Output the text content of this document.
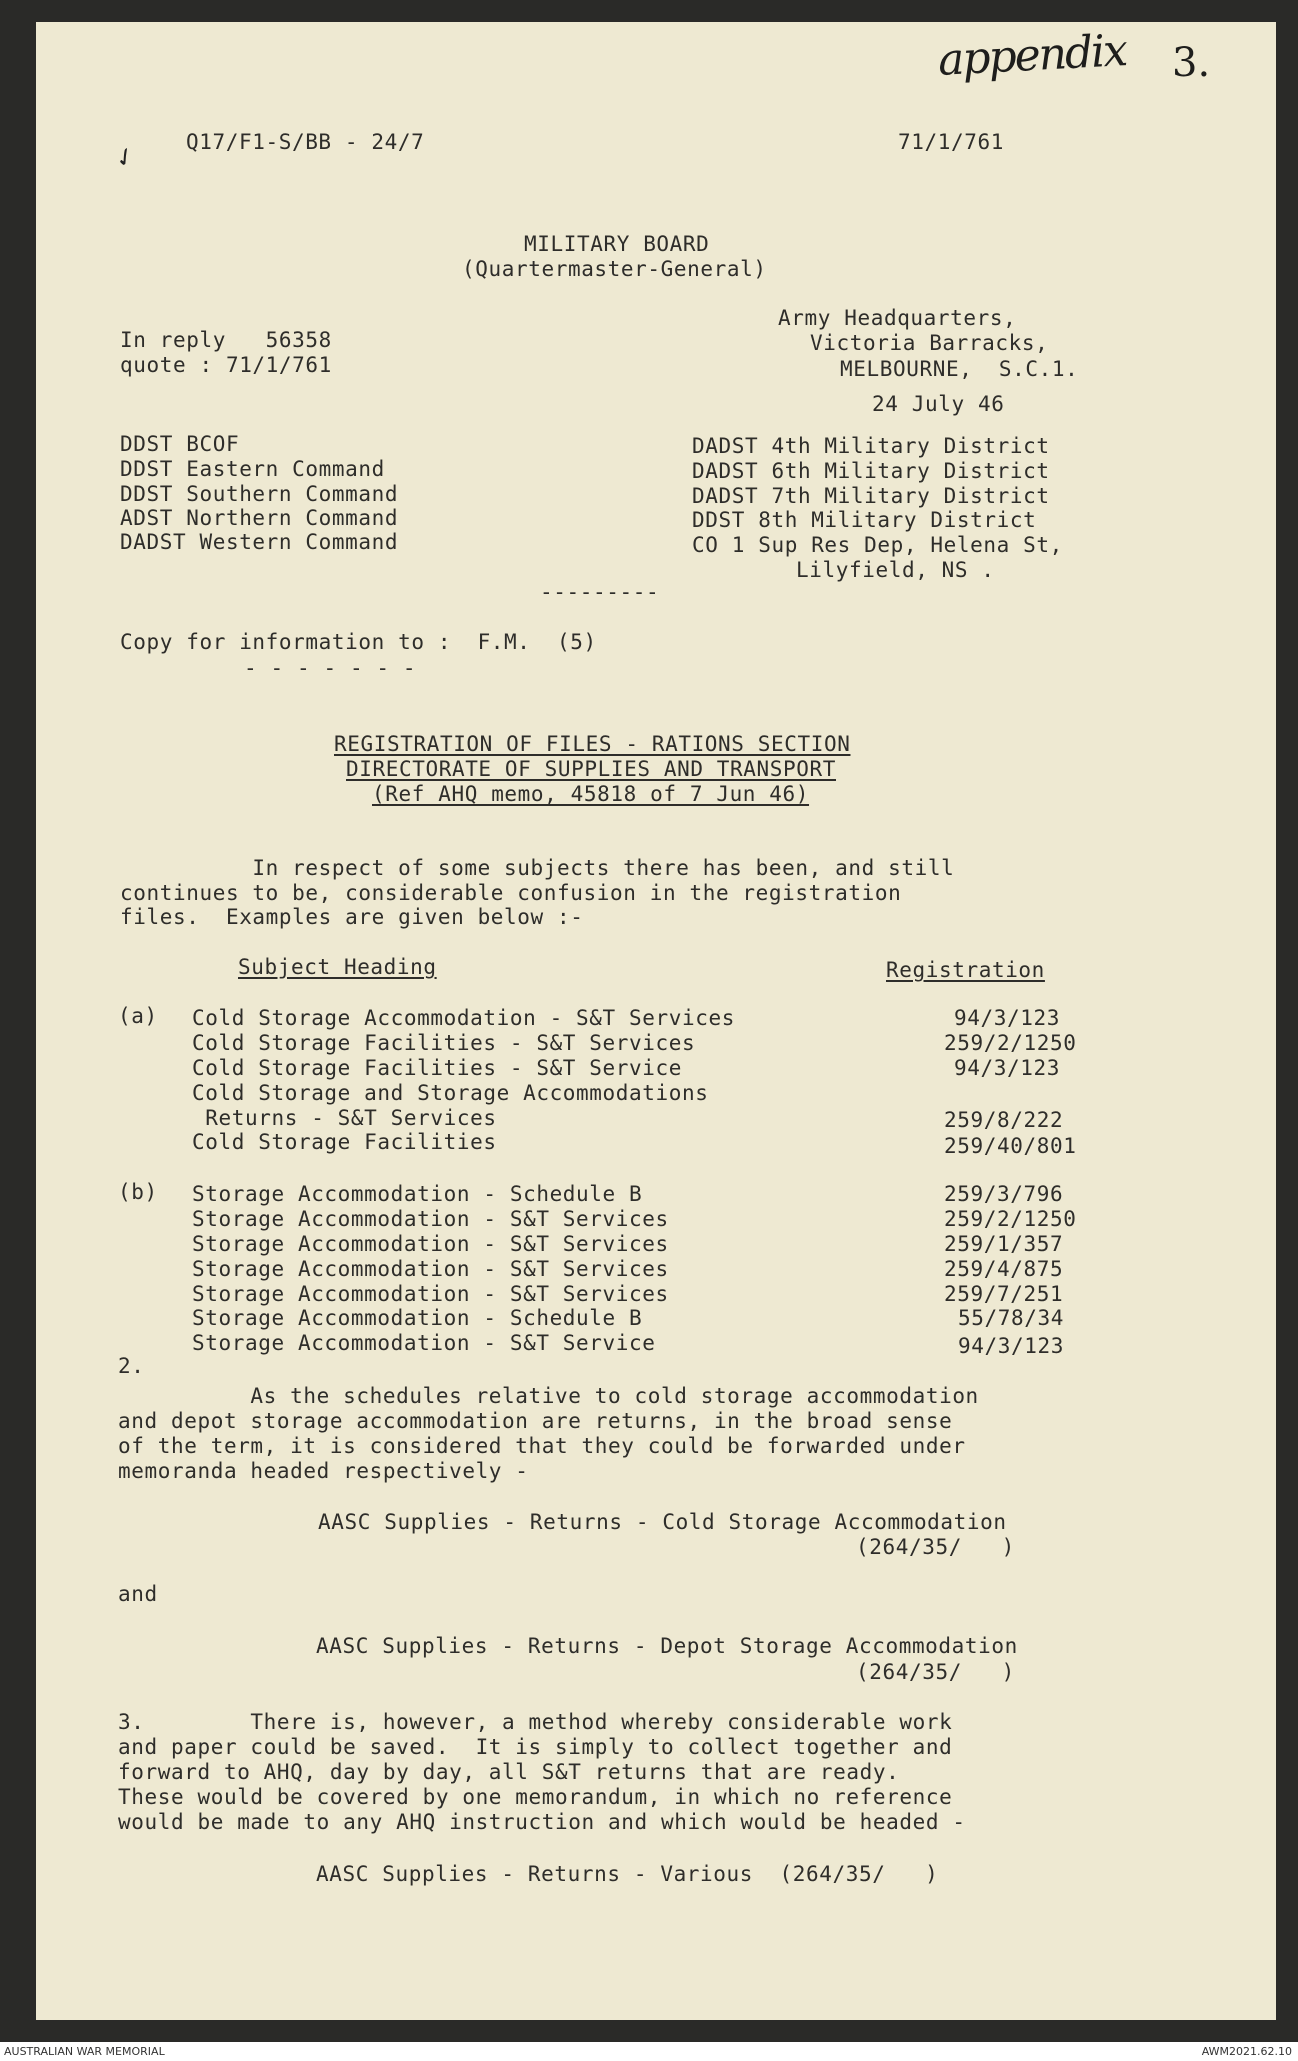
appendix 3.
✓ Q17/F1-S/BB - 24/7	71/1/761
MILITARY BOARD
(Quartermaster-General)
In reply   56358
quote : 71/1/761
Army Headquarters,
Victoria Barracks,
MELBOURNE,  S.C.1.
24 July 46
DDST BCOF
DDST Eastern Command
DDST Southern Command
ADST Northern Command
DADST Western Command
DADST 4th Military District
DADST 6th Military District
DADST 7th Military District
DDST 8th Military District
CO 1 Sup Res Dep, Helena St,
Lilyfield, NS .
---------
Copy for information to :  F.M.  (5)
- - - - - - -
REGISTRATION OF FILES - RATIONS SECTION
DIRECTORATE OF SUPPLIES AND TRANSPORT
(Ref AHQ memo, 45818 of 7 Jun 46)
In respect of some subjects there has been, and still
continues to be, considerable confusion in the registration
files.  Examples are given below :-
Subject Heading	Registration
(a) Cold Storage Accommodation - S&T Services	94/3/123
Cold Storage Facilities - S&T Services	259/2/1250
Cold Storage Facilities - S&T Service	94/3/123
Cold Storage and Storage Accommodations
Returns - S&T Services	259/8/222
Cold Storage Facilities	259/40/801
(b) Storage Accommodation - Schedule B	259/3/796
Storage Accommodation - S&T Services	259/2/1250
Storage Accommodation - S&T Services	259/1/357
Storage Accommodation - S&T Services	259/4/875
Storage Accommodation - S&T Services	259/7/251
Storage Accommodation - Schedule B	55/78/34
Storage Accommodation - S&T Service	94/3/123
2.
As the schedules relative to cold storage accommodation
and depot storage accommodation are returns, in the broad sense
of the term, it is considered that they could be forwarded under
memoranda headed respectively -
AASC Supplies - Returns - Cold Storage Accommodation
(264/35/   )
and
AASC Supplies - Returns - Depot Storage Accommodation
(264/35/   )
3.        There is, however, a method whereby considerable work
and paper could be saved.  It is simply to collect together and
forward to AHQ, day by day, all S&T returns that are ready.
These would be covered by one memorandum, in which no reference
would be made to any AHQ instruction and which would be headed -
AASC Supplies - Returns - Various  (264/35/   )
AUSTRALIAN WAR MEMORIAL	AWM2021.62.10
